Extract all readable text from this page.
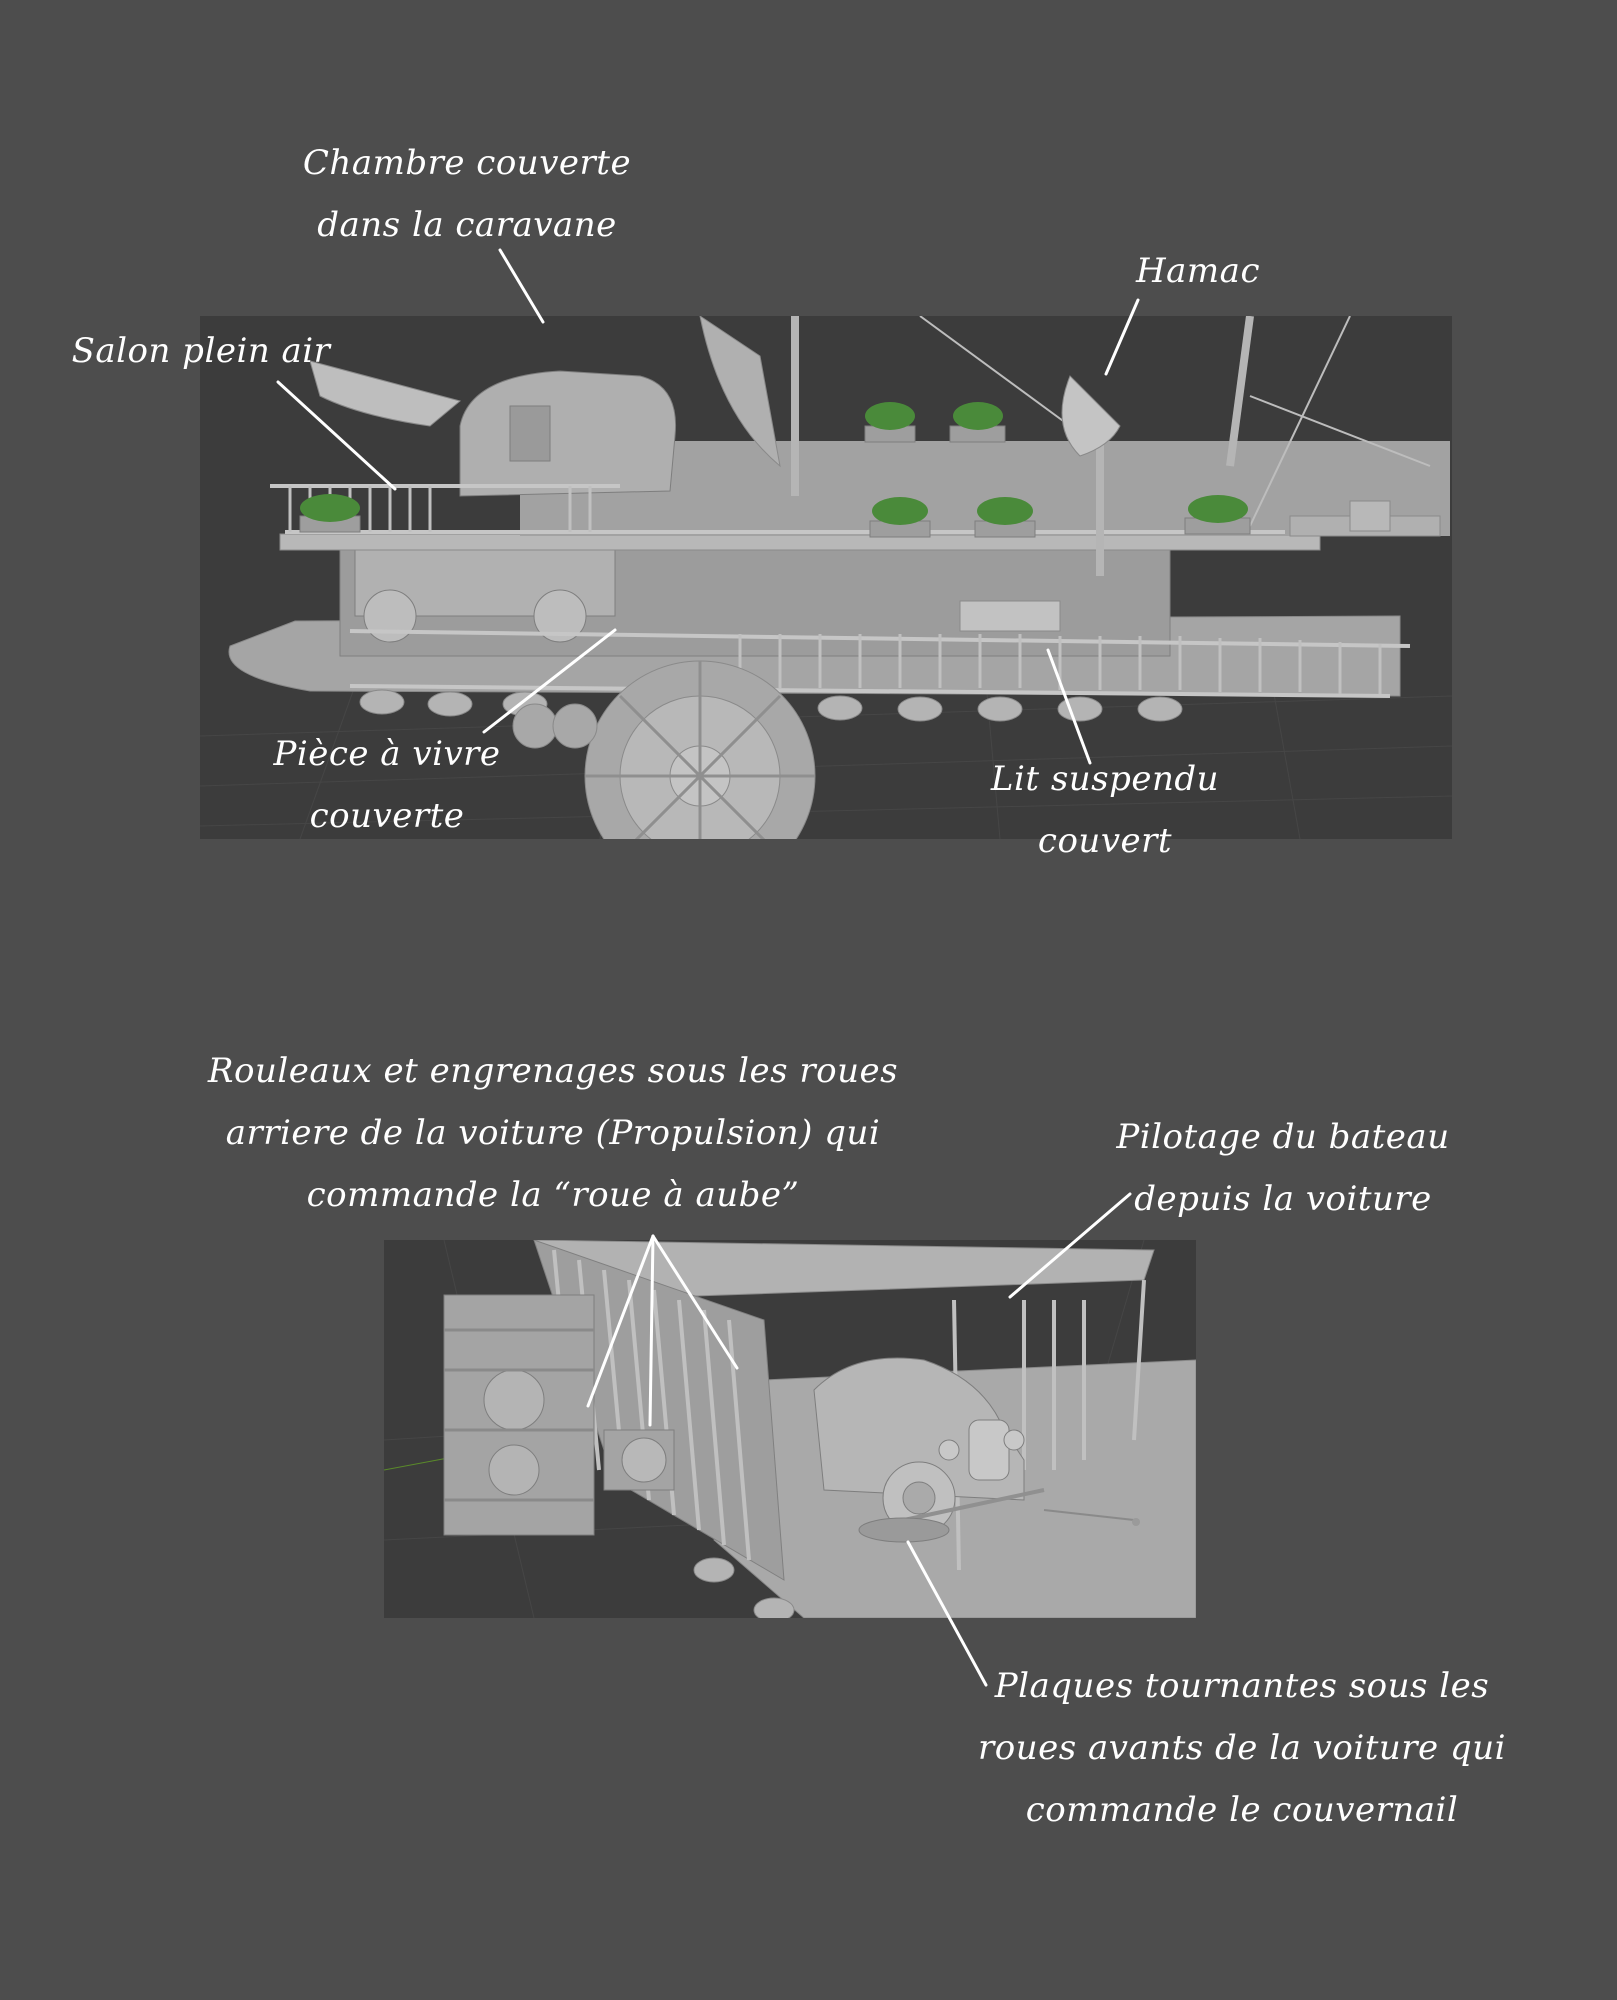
Chambre couverte
dans la caravane
Hamac
Salon plein air
Pièce à vivre
couverte
Lit suspendu
couvert
Rouleaux et engrenages sous les roues
arriere de la voiture (Propulsion) qui
commande la “roue à aube”
Pilotage du bateau
depuis la voiture
Plaques tournantes sous les
roues avants de la voiture qui
commande le couvernail
